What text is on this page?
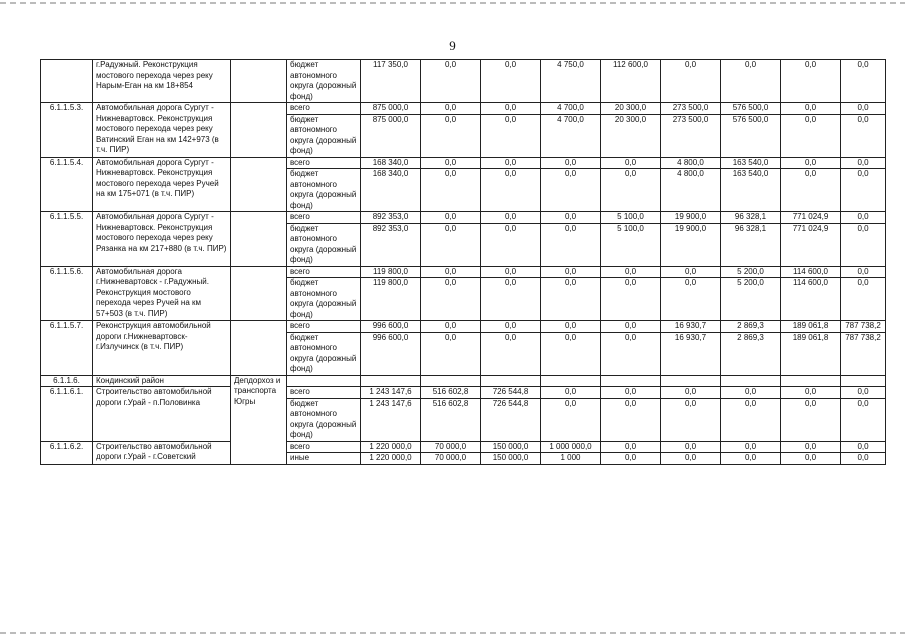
9
	г.Радужный. Реконструкция мостового перехода через реку Нарым-Еган на км 18+854		бюджет автономного округа (дорожный фонд)	117 350,0	0,0	0,0	4 750,0	112 600,0	0,0	0,0	0,0	0,0
6.1.1.5.3.	Автомобильная дорога Сургут - Нижневартовск. Реконструкция мостового перехода через реку Ватинский Еган на км 142+973 (в т.ч. ПИР)		всего	875 000,0	0,0	0,0	4 700,0	20 300,0	273 500,0	576 500,0	0,0	0,0
			бюджет автономного округа (дорожный фонд)	875 000,0	0,0	0,0	4 700,0	20 300,0	273 500,0	576 500,0	0,0	0,0
6.1.1.5.4.	Автомобильная дорога Сургут - Нижневартовск. Реконструкция мостового перехода через Ручей на км 175+071 (в т.ч. ПИР)		всего	168 340,0	0,0	0,0	0,0	0,0	4 800,0	163 540,0	0,0	0,0
			бюджет автономного округа (дорожный фонд)	168 340,0	0,0	0,0	0,0	0,0	4 800,0	163 540,0	0,0	0,0
6.1.1.5.5.	Автомобильная дорога Сургут - Нижневартовск. Реконструкция мостового перехода через реку Рязанка на км 217+880 (в т.ч. ПИР)		всего	892 353,0	0,0	0,0	0,0	5 100,0	19 900,0	96 328,1	771 024,9	0,0
			бюджет автономного округа (дорожный фонд)	892 353,0	0,0	0,0	0,0	5 100,0	19 900,0	96 328,1	771 024,9	0,0
6.1.1.5.6.	Автомобильная дорога г.Нижневартовск - г.Радужный. Реконструкция мостового перехода через Ручей на км 57+503 (в т.ч. ПИР)		всего	119 800,0	0,0	0,0	0,0	0,0	0,0	5 200,0	114 600,0	0,0
			бюджет автономного округа (дорожный фонд)	119 800,0	0,0	0,0	0,0	0,0	0,0	5 200,0	114 600,0	0,0
6.1.1.5.7.	Реконструкция автомобильной дороги г.Нижневартовск-г.Излучинск (в т.ч. ПИР)		всего	996 600,0	0,0	0,0	0,0	0,0	16 930,7	2 869,3	189 061,8	787 738,2
			бюджет автономного округа (дорожный фонд)	996 600,0	0,0	0,0	0,0	0,0	16 930,7	2 869,3	189 061,8	787 738,2
6.1.1.6.	Кондинский район	Депдорхоз и транспорта Югры										
6.1.1.6.1.	Строительство автомобильной дороги г.Урай - п.Половинка		всего	1 243 147,6	516 602,8	726 544,8	0,0	0,0	0,0	0,0	0,0	0,0
			бюджет автономного округа (дорожный фонд)	1 243 147,6	516 602,8	726 544,8	0,0	0,0	0,0	0,0	0,0	0,0
6.1.1.6.2.	Строительство автомобильной дороги г.Урай - г.Советский		всего	1 220 000,0	70 000,0	150 000,0	1 000 000,0	0,0	0,0	0,0	0,0	0,0
			иные	1 220 000,0	70 000,0	150 000,0	1 000	0,0	0,0	0,0	0,0	0,0
